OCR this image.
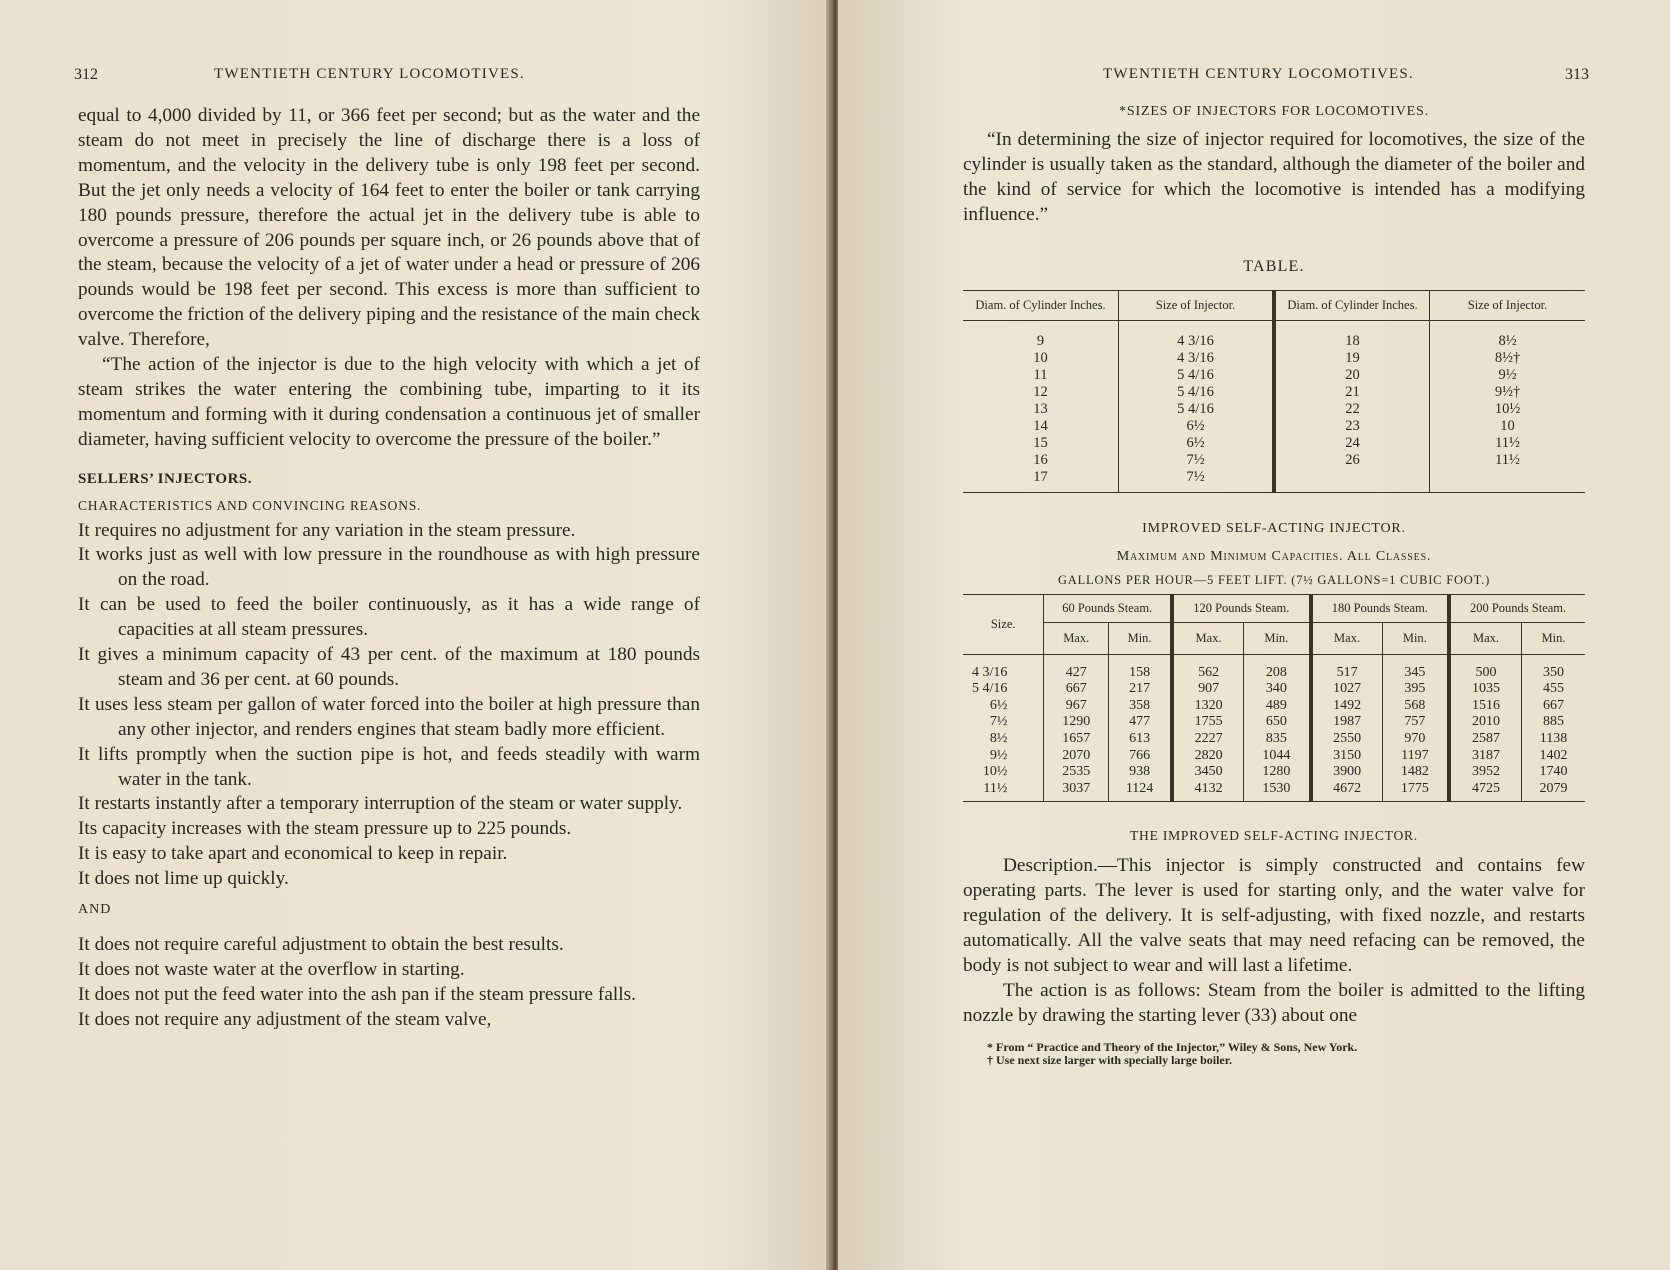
312	TWENTIETH CENTURY LOCOMOTIVES.

equal to 4,000 divided by 11, or 366 feet per second; but as the water and the steam do not meet in precisely the line of discharge there is a loss of momentum, and the velocity in the delivery tube is only 198 feet per second. But the jet only needs a velocity of 164 feet to enter the boiler or tank carrying 180 pounds pressure, therefore the actual jet in the delivery tube is able to overcome a pressure of 206 pounds per square inch, or 26 pounds above that of the steam, because the velocity of a jet of water under a head or pressure of 206 pounds would be 198 feet per second. This excess is more than sufficient to overcome the friction of the delivery piping and the resistance of the main check valve. Therefore,

“The action of the injector is due to the high velocity with which a jet of steam strikes the water entering the combining tube, imparting to it its momentum and forming with it during condensation a continuous jet of smaller diameter, having sufficient velocity to overcome the pressure of the boiler.”

SELLERS’ INJECTORS.

CHARACTERISTICS AND CONVINCING REASONS.

It requires no adjustment for any variation in the steam pressure.

It works just as well with low pressure in the roundhouse as with high pressure on the road.

It can be used to feed the boiler continuously, as it has a wide range of capacities at all steam pressures.

It gives a minimum capacity of 43 per cent. of the maximum at 180 pounds steam and 36 per cent. at 60 pounds.

It uses less steam per gallon of water forced into the boiler at high pressure than any other injector, and renders engines that steam badly more efficient.

It lifts promptly when the suction pipe is hot, and feeds steadily with warm water in the tank.

It restarts instantly after a temporary interruption of the steam or water supply.

Its capacity increases with the steam pressure up to 225 pounds.

It is easy to take apart and economical to keep in repair.

It does not lime up quickly.

AND

It does not require careful adjustment to obtain the best results.

It does not waste water at the overflow in starting.

It does not put the feed water into the ash pan if the steam pressure falls.

It does not require any adjustment of the steam valve,

TWENTIETH CENTURY LOCOMOTIVES.	313
*SIZES OF INJECTORS FOR LOCOMOTIVES.

“In determining the size of injector required for locomotives, the size of the cylinder is usually taken as the standard, although the diameter of the boiler and the kind of service for which the locomotive is intended has a modifying influence.”

TABLE.
Diam. of Cylinder Inches.	Size of Injector.	Diam. of Cylinder Inches.	Size of Injector.
9	4 3/16	18	8½
10	4 3/16	19	8½†
11	5 4/16	20	9½
12	5 4/16	21	9½†
13	5 4/16	22	10½
14	6½	23	10
15	6½	24	11½
16	7½	26	11½
17	7½		
IMPROVED SELF-ACTING INJECTOR.
Maximum and Minimum Capacities. All Classes.
GALLONS PER HOUR—5 FEET LIFT. (7½ GALLONS=1 CUBIC FOOT.)
Size.	60 Pounds Steam.		120 Pounds Steam.		180 Pounds Steam.		200 Pounds Steam.	
	Max.	Min.	Max.	Min.	Max.	Min.	Max.	Min.
4 3/16	427	158	562	208	517	345	500	350
5 4/16	667	217	907	340	1027	395	1035	455
6½	967	358	1320	489	1492	568	1516	667
7½	1290	477	1755	650	1987	757	2010	885
8½	1657	613	2227	835	2550	970	2587	1138
9½	2070	766	2820	1044	3150	1197	3187	1402
10½	2535	938	3450	1280	3900	1482	3952	1740
11½	3037	1124	4132	1530	4672	1775	4725	2079
THE IMPROVED SELF-ACTING INJECTOR.

Description.—This injector is simply constructed and contains few operating parts. The lever is used for starting only, and the water valve for regulation of the delivery. It is self-adjusting, with fixed nozzle, and restarts automatically. All the valve seats that may need refacing can be removed, the body is not subject to wear and will last a lifetime.

The action is as follows: Steam from the boiler is admitted to the lifting nozzle by drawing the starting lever (33) about one

* From “ Practice and Theory of the Injector,” Wiley & Sons, New York.
† Use next size larger with specially large boiler.
